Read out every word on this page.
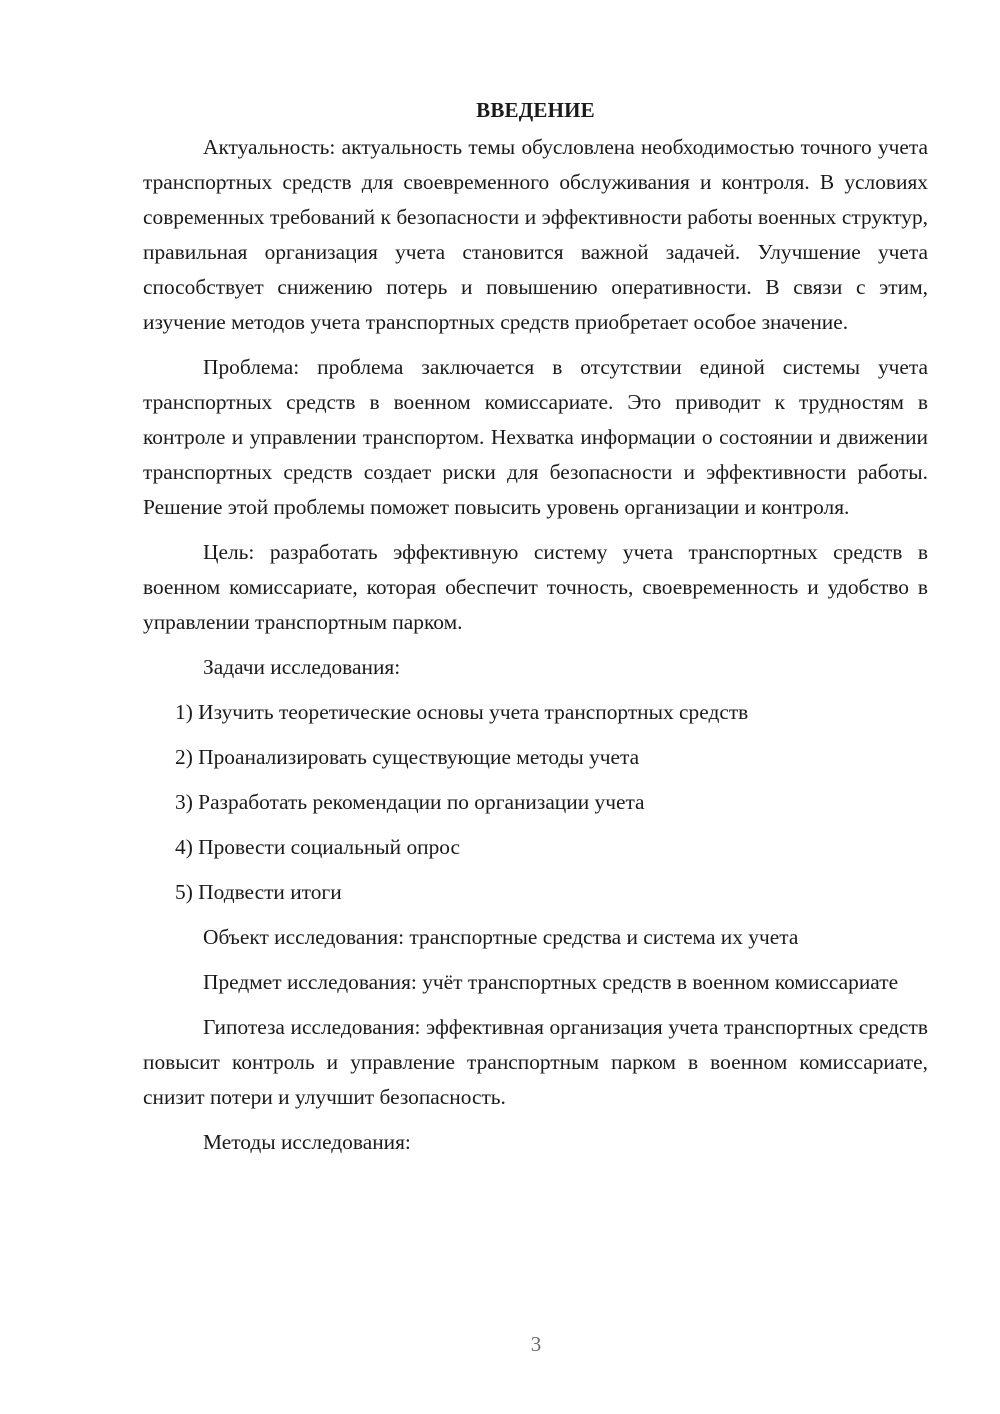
ВВЕДЕНИЕ

Актуальность: актуальность темы обусловлена необходимостью точного учета транспортных средств для своевременного обслуживания и контроля. В условиях современных требований к безопасности и эффективности работы военных структур, правильная организация учета становится важной задачей. Улучшение учета способствует снижению потерь и повышению оперативности. В связи с этим, изучение методов учета транспортных средств приобретает особое значение.

Проблема: проблема заключается в отсутствии единой системы учета транспортных средств в военном комиссариате. Это приводит к трудностям в контроле и управлении транспортом. Нехватка информации о состоянии и движении транспортных средств создает риски для безопасности и эффективности работы. Решение этой проблемы поможет повысить уровень организации и контроля.

Цель: разработать эффективную систему учета транспортных средств в военном комиссариате, которая обеспечит точность, своевременность и удобство в управлении транспортным парком.

Задачи исследования:

1) Изучить теоретические основы учета транспортных средств
2) Проанализировать существующие методы учета
3) Разработать рекомендации по организации учета
4) Провести социальный опрос
5) Подвести итоги

Объект исследования: транспортные средства и система их учета

Предмет исследования: учёт транспортных средств в военном комиссариате

Гипотеза исследования: эффективная организация учета транспортных средств повысит контроль и управление транспортным парком в военном комиссариате, снизит потери и улучшит безопасность.

Методы исследования:

3
